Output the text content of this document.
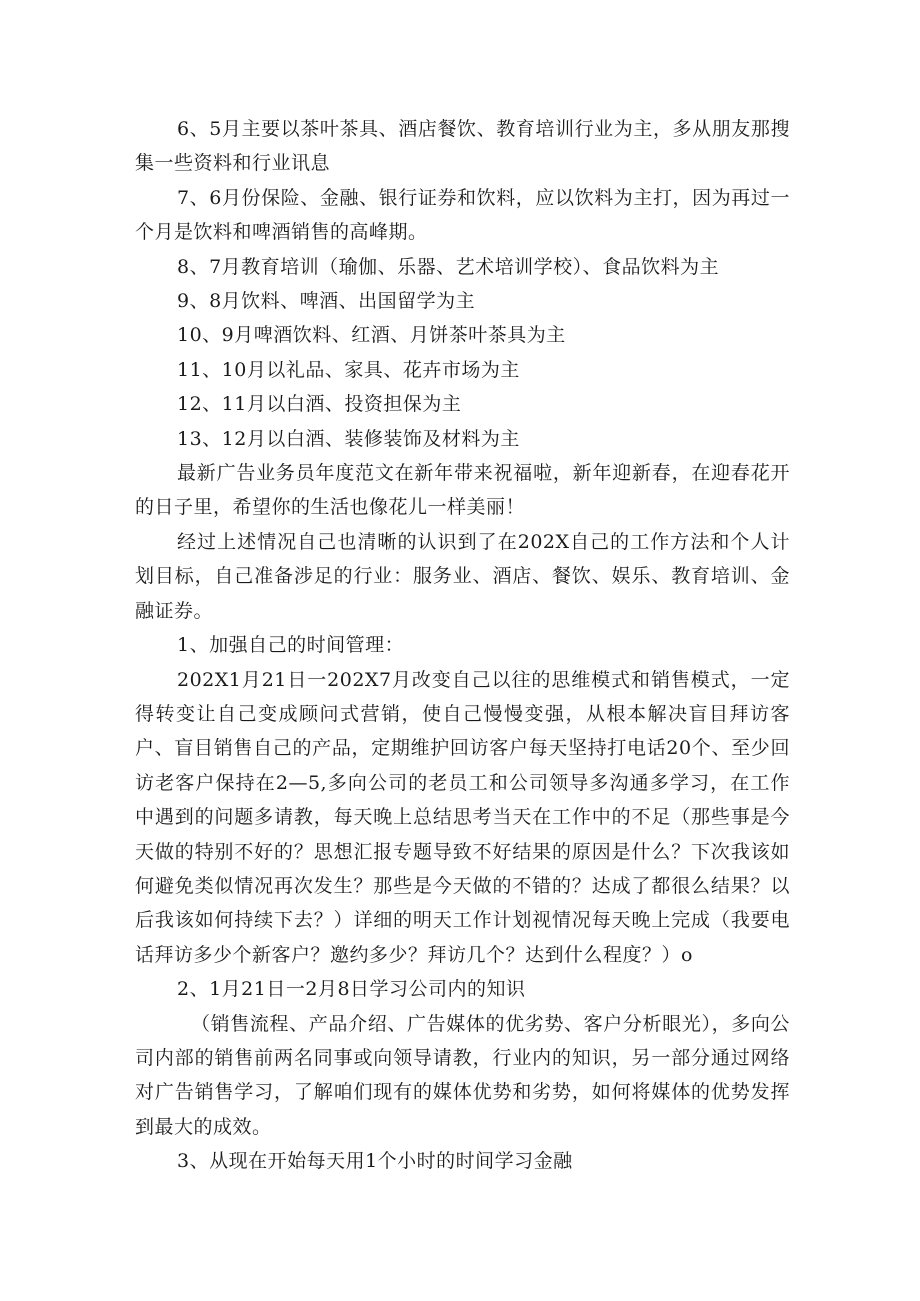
6、5月主要以茶叶茶具、酒店餐饮、教育培训行业为主，多从朋友那搜集一些资料和行业讯息

7、6月份保险、金融、银行证券和饮料，应以饮料为主打，因为再过一个月是饮料和啤酒销售的高峰期。

8、7月教育培训（瑜伽、乐器、艺术培训学校）、食品饮料为主

9、8月饮料、啤酒、出国留学为主

10、9月啤酒饮料、红酒、月饼茶叶茶具为主

11、10月以礼品、家具、花卉市场为主

12、11月以白酒、投资担保为主

13、12月以白酒、装修装饰及材料为主

最新广告业务员年度范文在新年带来祝福啦，新年迎新春，在迎春花开的日子里，希望你的生活也像花儿一样美丽！

经过上述情况自己也清晰的认识到了在202X自己的工作方法和个人计划目标，自己准备涉足的行业：服务业、酒店、餐饮、娱乐、教育培训、金融证券。

1、加强自己的时间管理：

202X1月21日一202X7月改变自己以往的思维模式和销售模式，一定得转变让自己变成顾问式营销，使自己慢慢变强，从根本解决盲目拜访客户、盲目销售自己的产品，定期维护回访客户每天坚持打电话20个、至少回访老客户保持在2—5,多向公司的老员工和公司领导多沟通多学习，在工作中遇到的问题多请教，每天晚上总结思考当天在工作中的不足（那些事是今天做的特别不好的？思想汇报专题导致不好结果的原因是什么？下次我该如何避免类似情况再次发生？那些是今天做的不错的？达成了都很么结果？以后我该如何持续下去？）详细的明天工作计划视情况每天晚上完成（我要电话拜访多少个新客户？邀约多少？拜访几个？达到什么程度？）o

2、1月21日一2月8日学习公司内的知识

（销售流程、产品介绍、广告媒体的优劣势、客户分析眼光），多向公司内部的销售前两名同事或向领导请教，行业内的知识，另一部分通过网络对广告销售学习，了解咱们现有的媒体优势和劣势，如何将媒体的优势发挥到最大的成效。

3、从现在开始每天用1个小时的时间学习金融
